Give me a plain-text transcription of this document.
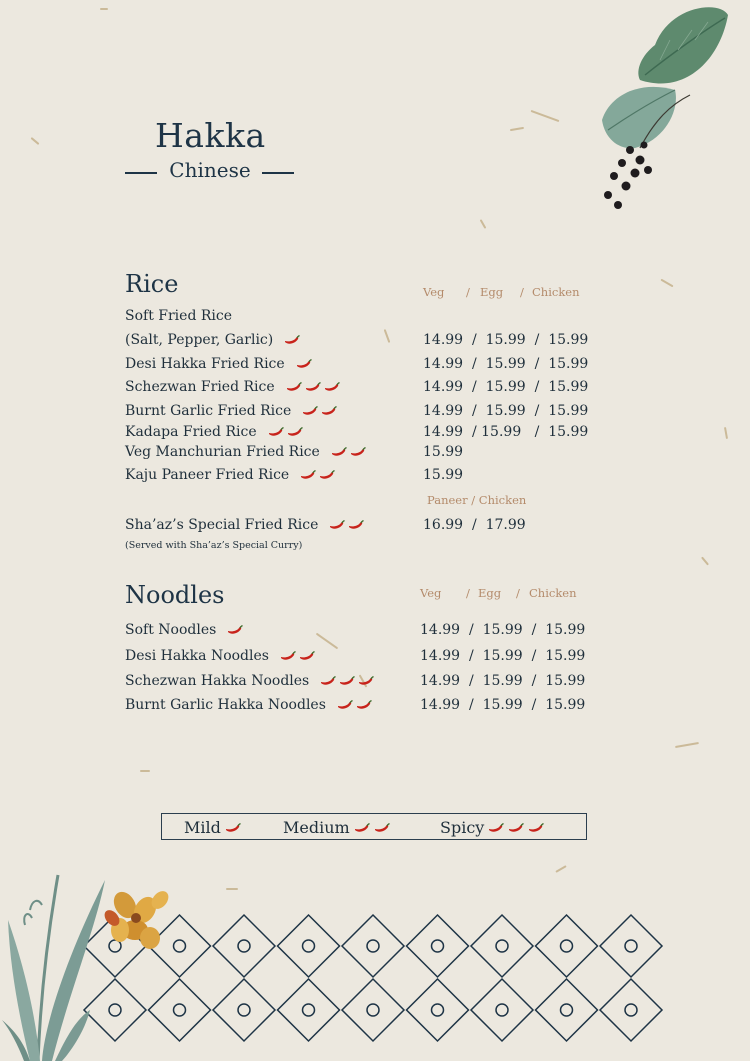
Hakka
Chinese
Rice	Veg / Egg / Chicken
Soft Fried Rice
(Salt, Pepper, Garlic)	14.99  /  15.99  /  15.99
Desi Hakka Fried Rice	14.99  /  15.99  /  15.99
Schezwan Fried Rice	14.99  /  15.99  /  15.99
Burnt Garlic Fried Rice	14.99  /  15.99  /  15.99
Kadapa Fried Rice	14.99  / 15.99   /  15.99
Veg Manchurian Fried Rice	15.99
Kaju Paneer Fried Rice	15.99
Paneer / Chicken
Sha’az’s Special Fried Rice	16.99  /  17.99
(Served with Sha’az’s Special Curry)
Noodles	Veg / Egg / Chicken
Soft Noodles	14.99  /  15.99  /  15.99
Desi Hakka Noodles	14.99  /  15.99  /  15.99
Schezwan Hakka Noodles	14.99  /  15.99  /  15.99
Burnt Garlic Hakka Noodles	14.99  /  15.99  /  15.99
Mild	Medium	Spicy
